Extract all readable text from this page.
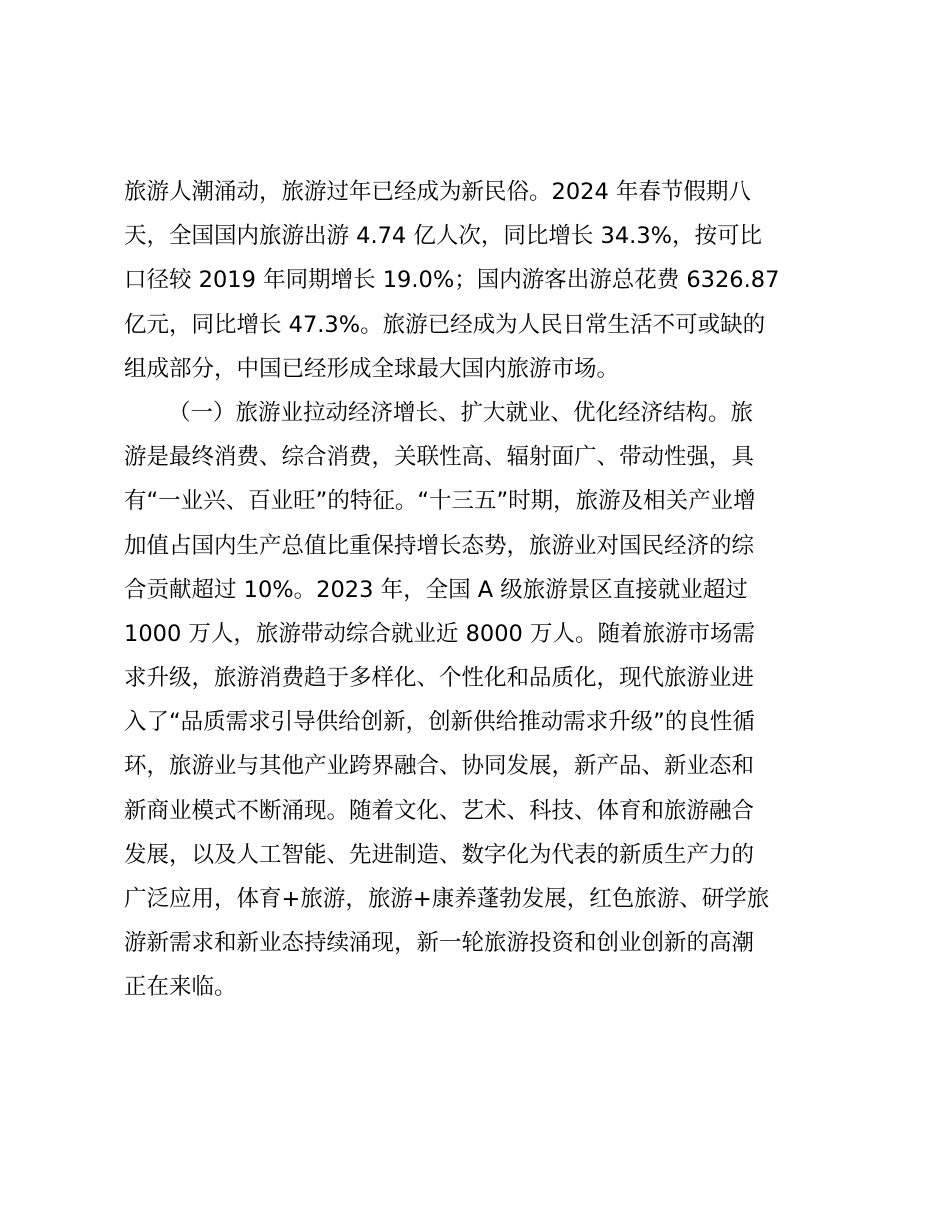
旅游人潮涌动，旅游过年已经成为新民俗。2024 年春节假期八
天，全国国内旅游出游 4.74 亿人次，同比增长 34.3%，按可比
口径较 2019 年同期增长 19.0%；国内游客出游总花费 6326.87
亿元，同比增长 47.3%。旅游已经成为人民日常生活不可或缺的
组成部分，中国已经形成全球最大国内旅游市场。
（一）旅游业拉动经济增长、扩大就业、优化经济结构。旅
游是最终消费、综合消费，关联性高、辐射面广、带动性强，具
有“一业兴、百业旺”的特征。“十三五”时期，旅游及相关产业增
加值占国内生产总值比重保持增长态势，旅游业对国民经济的综
合贡献超过 10%。2023 年，全国 A 级旅游景区直接就业超过
1000 万人，旅游带动综合就业近 8000 万人。随着旅游市场需
求升级，旅游消费趋于多样化、个性化和品质化，现代旅游业进
入了“品质需求引导供给创新，创新供给推动需求升级”的良性循
环，旅游业与其他产业跨界融合、协同发展，新产品、新业态和
新商业模式不断涌现。随着文化、艺术、科技、体育和旅游融合
发展，以及人工智能、先进制造、数字化为代表的新质生产力的
广泛应用，体育+旅游，旅游+康养蓬勃发展，红色旅游、研学旅
游新需求和新业态持续涌现，新一轮旅游投资和创业创新的高潮
正在来临。
